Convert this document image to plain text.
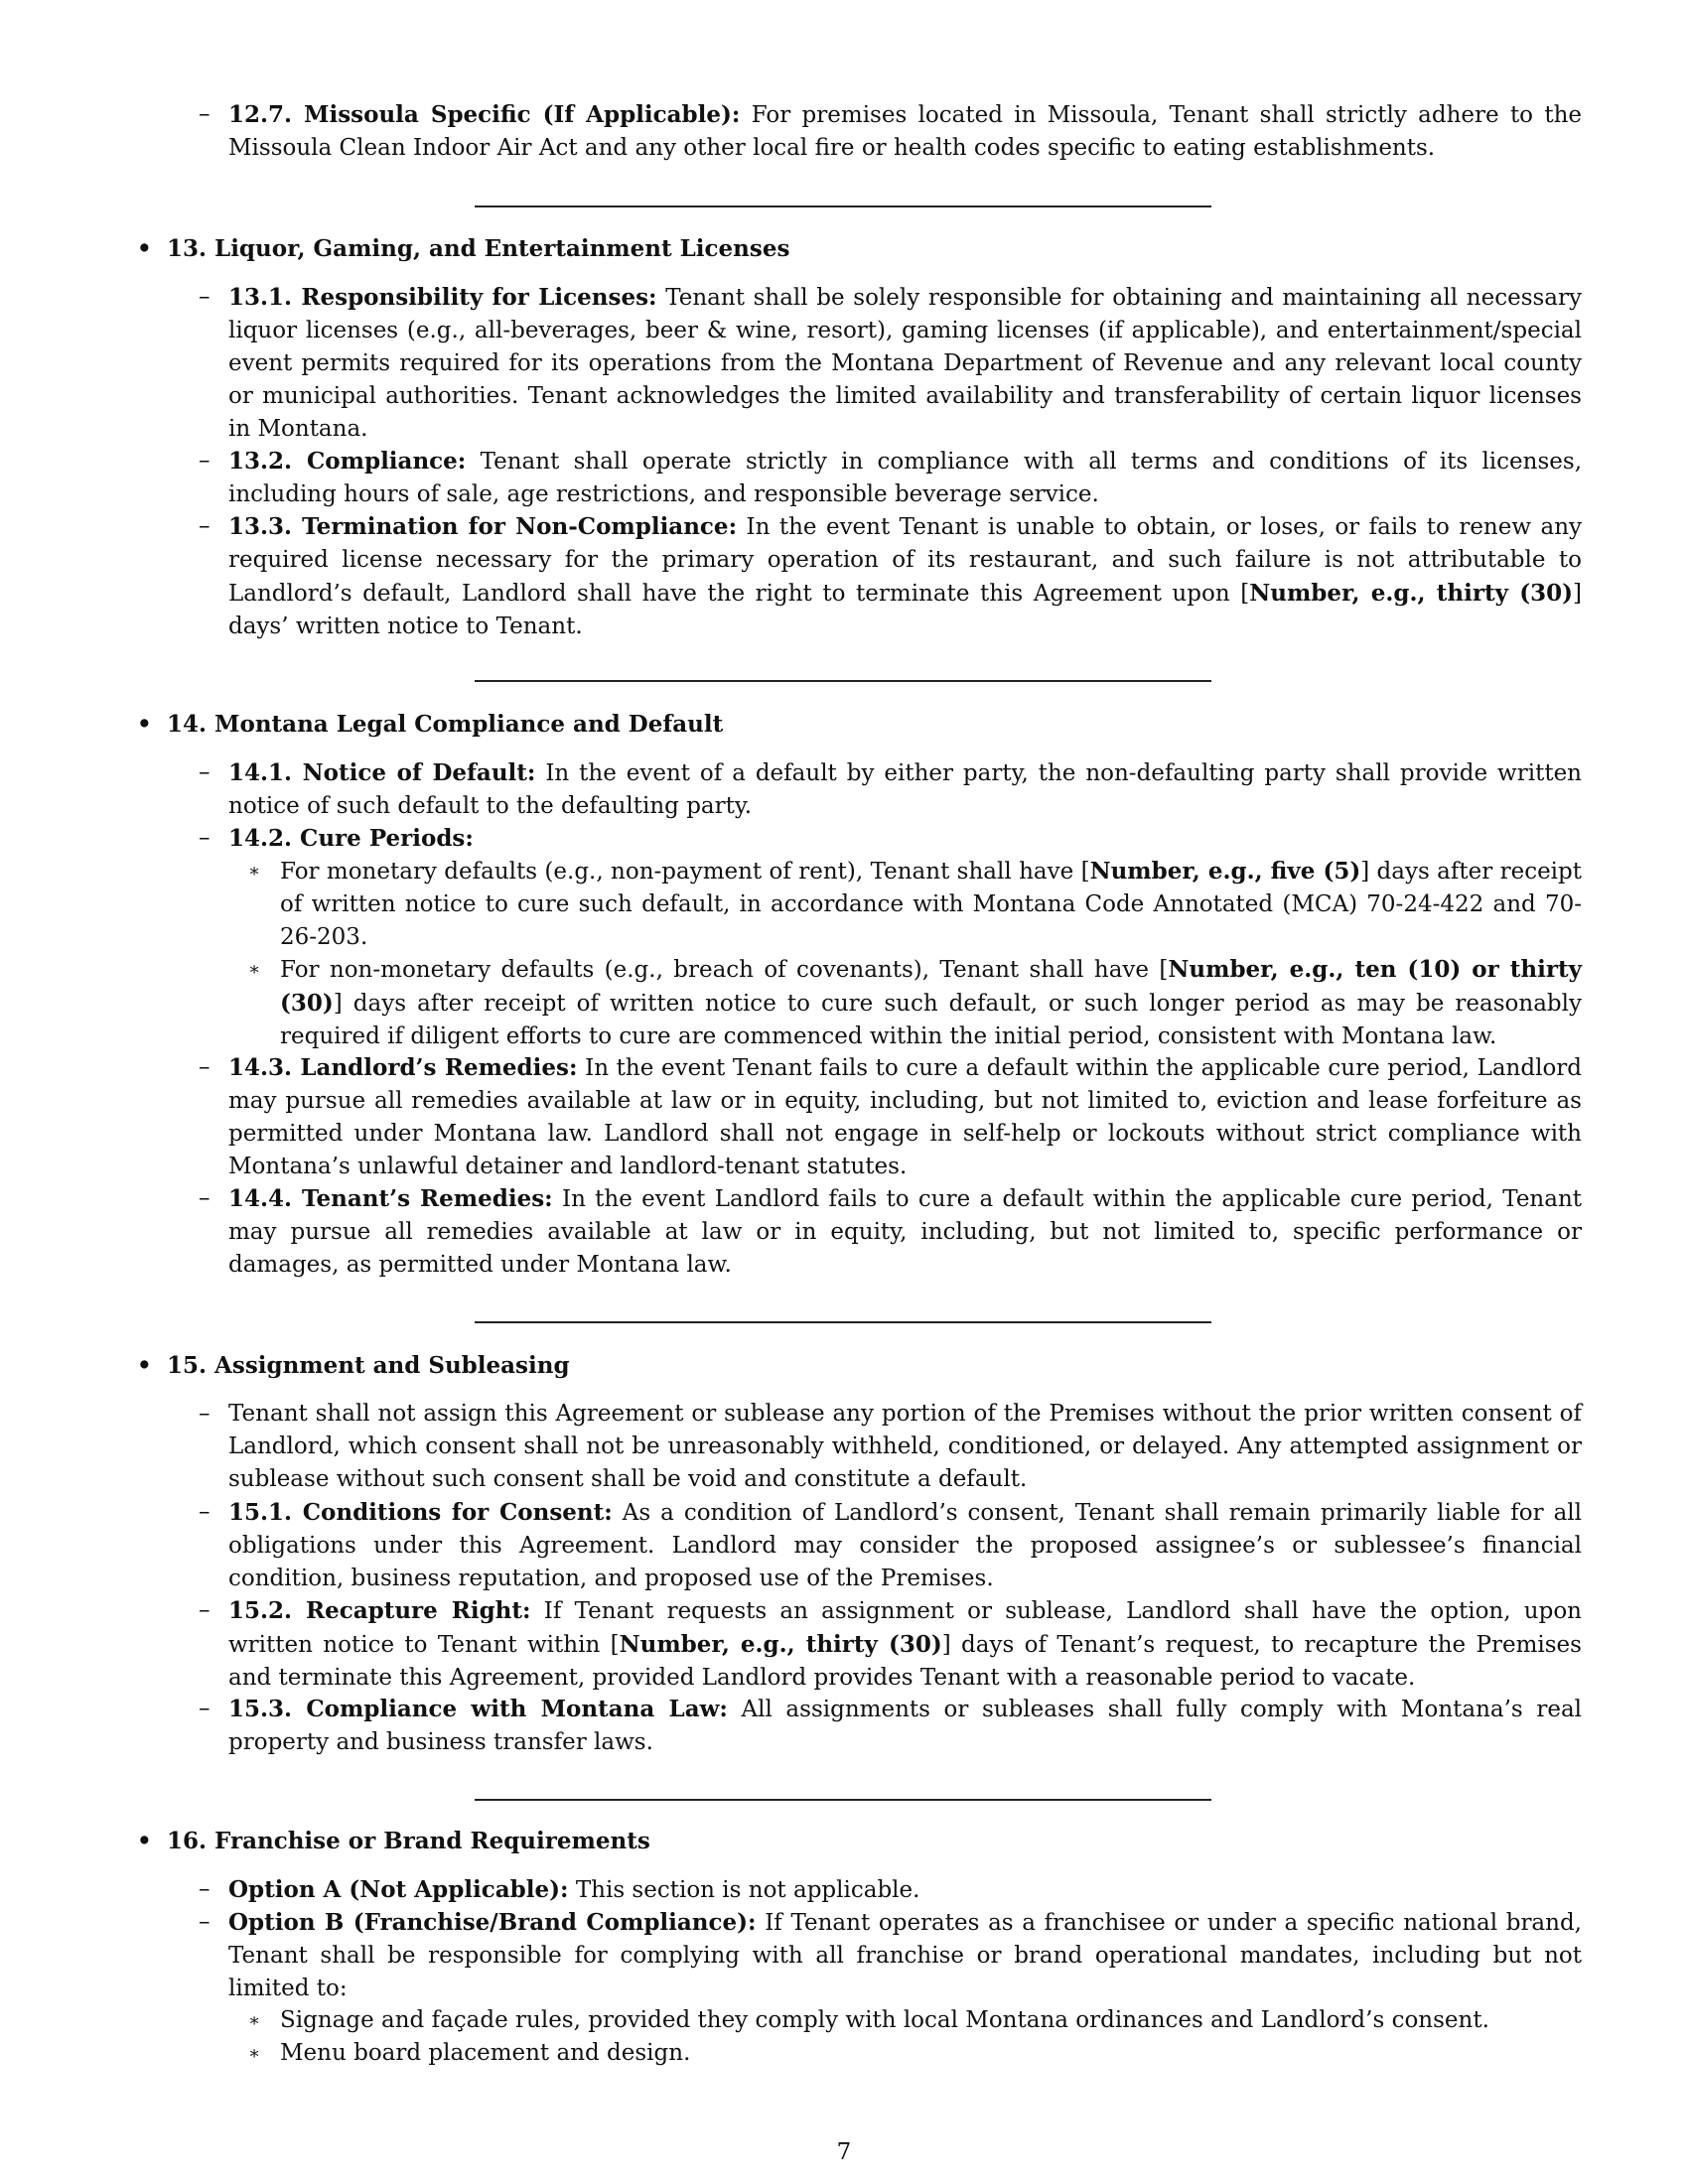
– 12.7. Missoula Specific (If Applicable): For premises located in Missoula, Tenant shall strictly adhere to the Missoula Clean Indoor Air Act and any other local fire or health codes specific to eating establishments.
• 13. Liquor, Gaming, and Entertainment Licenses
– 13.1. Responsibility for Licenses: Tenant shall be solely responsible for obtaining and maintaining all necessary liquor licenses (e.g., all-beverages, beer & wine, resort), gaming licenses (if applicable), and entertainment/special event permits required for its operations from the Montana Department of Revenue and any relevant local county or municipal authorities. Tenant acknowledges the limited availability and transferability of certain liquor licenses in Montana.
– 13.2. Compliance: Tenant shall operate strictly in compliance with all terms and conditions of its licenses, including hours of sale, age restrictions, and responsible beverage service.
– 13.3. Termination for Non-Compliance: In the event Tenant is unable to obtain, or loses, or fails to renew any required license necessary for the primary operation of its restaurant, and such failure is not attributable to Landlord’s default, Landlord shall have the right to terminate this Agreement upon [Number, e.g., thirty (30)] days’ written notice to Tenant.
• 14. Montana Legal Compliance and Default
– 14.1. Notice of Default: In the event of a default by either party, the non-defaulting party shall provide written notice of such default to the defaulting party.
– 14.2. Cure Periods:
∗ For monetary defaults (e.g., non-payment of rent), Tenant shall have [Number, e.g., five (5)] days after receipt of written notice to cure such default, in accordance with Montana Code Annotated (MCA) 70-24-422 and 70-26-203.
∗ For non-monetary defaults (e.g., breach of covenants), Tenant shall have [Number, e.g., ten (10) or thirty (30)] days after receipt of written notice to cure such default, or such longer period as may be reasonably required if diligent efforts to cure are commenced within the initial period, consistent with Montana law.
– 14.3. Landlord’s Remedies: In the event Tenant fails to cure a default within the applicable cure period, Landlord may pursue all remedies available at law or in equity, including, but not limited to, eviction and lease forfeiture as permitted under Montana law. Landlord shall not engage in self-help or lockouts without strict compliance with Montana’s unlawful detainer and landlord-tenant statutes.
– 14.4. Tenant’s Remedies: In the event Landlord fails to cure a default within the applicable cure period, Tenant may pursue all remedies available at law or in equity, including, but not limited to, specific performance or damages, as permitted under Montana law.
• 15. Assignment and Subleasing
– Tenant shall not assign this Agreement or sublease any portion of the Premises without the prior written consent of Landlord, which consent shall not be unreasonably withheld, conditioned, or delayed. Any attempted assignment or sublease without such consent shall be void and constitute a default.
– 15.1. Conditions for Consent: As a condition of Landlord’s consent, Tenant shall remain primarily liable for all obligations under this Agreement. Landlord may consider the proposed assignee’s or sublessee’s financial condition, business reputation, and proposed use of the Premises.
– 15.2. Recapture Right: If Tenant requests an assignment or sublease, Landlord shall have the option, upon written notice to Tenant within [Number, e.g., thirty (30)] days of Tenant’s request, to recapture the Premises and terminate this Agreement, provided Landlord provides Tenant with a reasonable period to vacate.
– 15.3. Compliance with Montana Law: All assignments or subleases shall fully comply with Montana’s real property and business transfer laws.
• 16. Franchise or Brand Requirements
– Option A (Not Applicable): This section is not applicable.
– Option B (Franchise/Brand Compliance): If Tenant operates as a franchisee or under a specific national brand, Tenant shall be responsible for complying with all franchise or brand operational mandates, including but not limited to:
∗ Signage and façade rules, provided they comply with local Montana ordinances and Landlord’s consent.
∗ Menu board placement and design.
7
